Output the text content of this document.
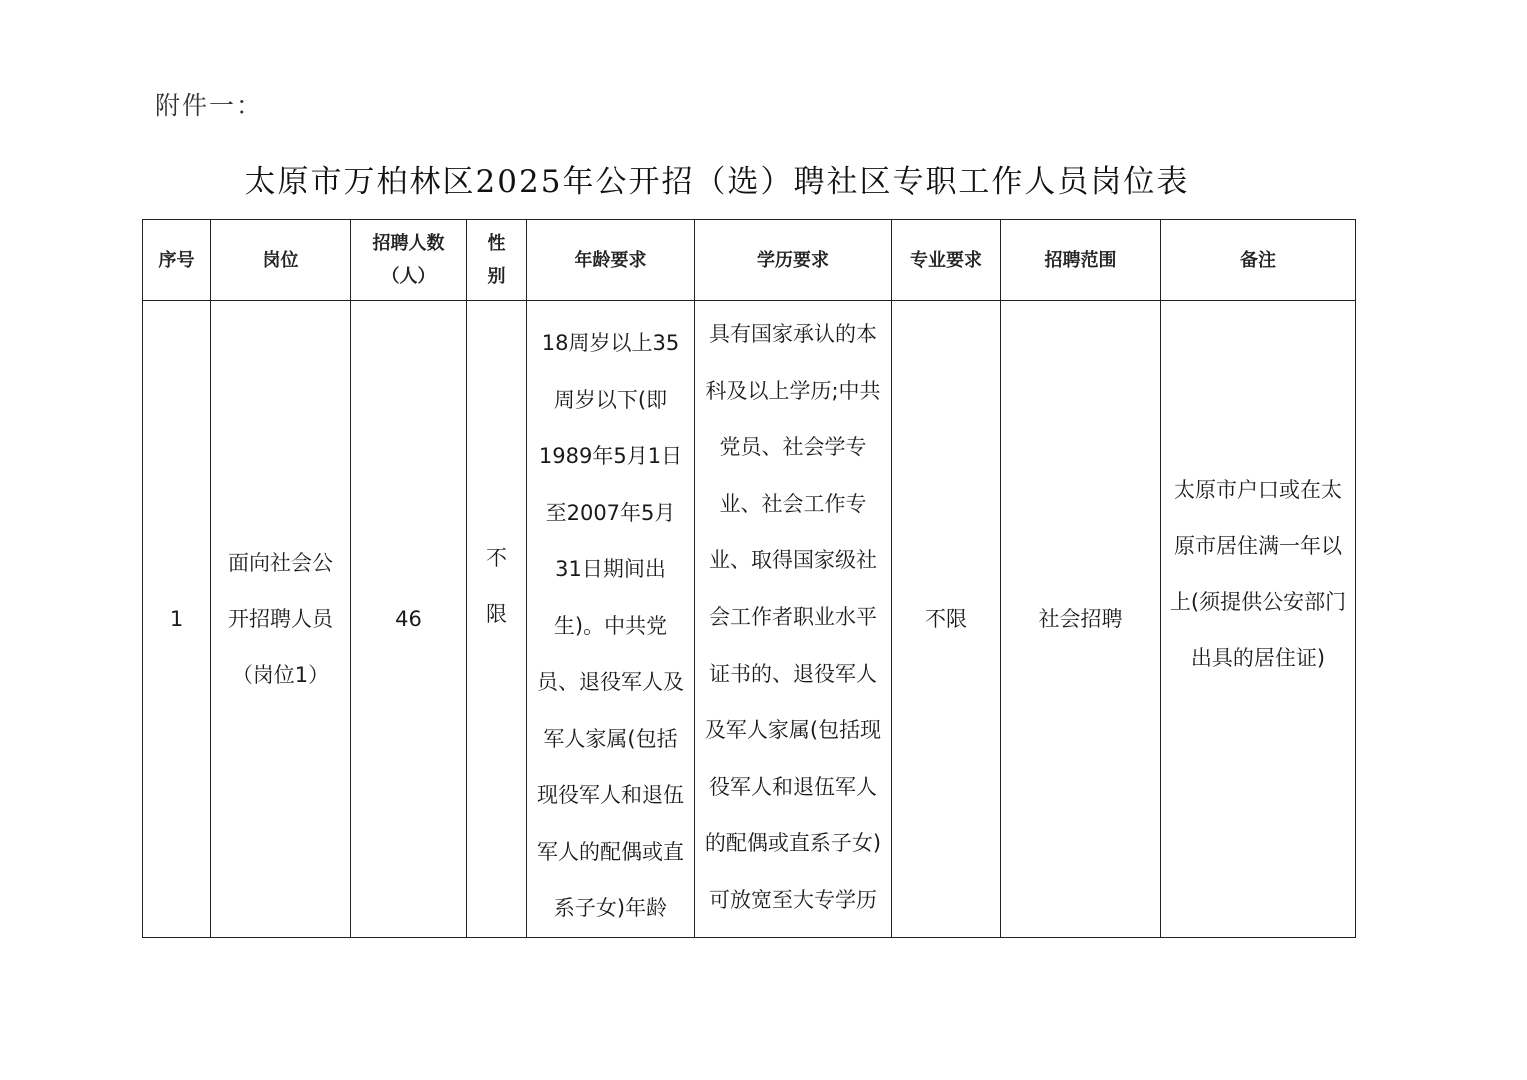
附件一：
太原市万柏林区2025年公开招（选）聘社区专职工作人员岗位表
序号	岗位	招聘人数（人）	性别	年龄要求	学历要求	专业要求	招聘范围	备注
1	面向社会公开招聘人员（岗位1）	46	不限	18周岁以上35周岁以下(即1989年5月1日至2007年5月31日期间出生)。中共党员、退役军人及军人家属(包括现役军人和退伍军人的配偶或直系子女)年龄	具有国家承认的本科及以上学历;中共党员、社会学专业、社会工作专业、取得国家级社会工作者职业水平证书的、退役军人及军人家属(包括现役军人和退伍军人的配偶或直系子女)可放宽至大专学历	不限	社会招聘	太原市户口或在太原市居住满一年以上(须提供公安部门出具的居住证)
